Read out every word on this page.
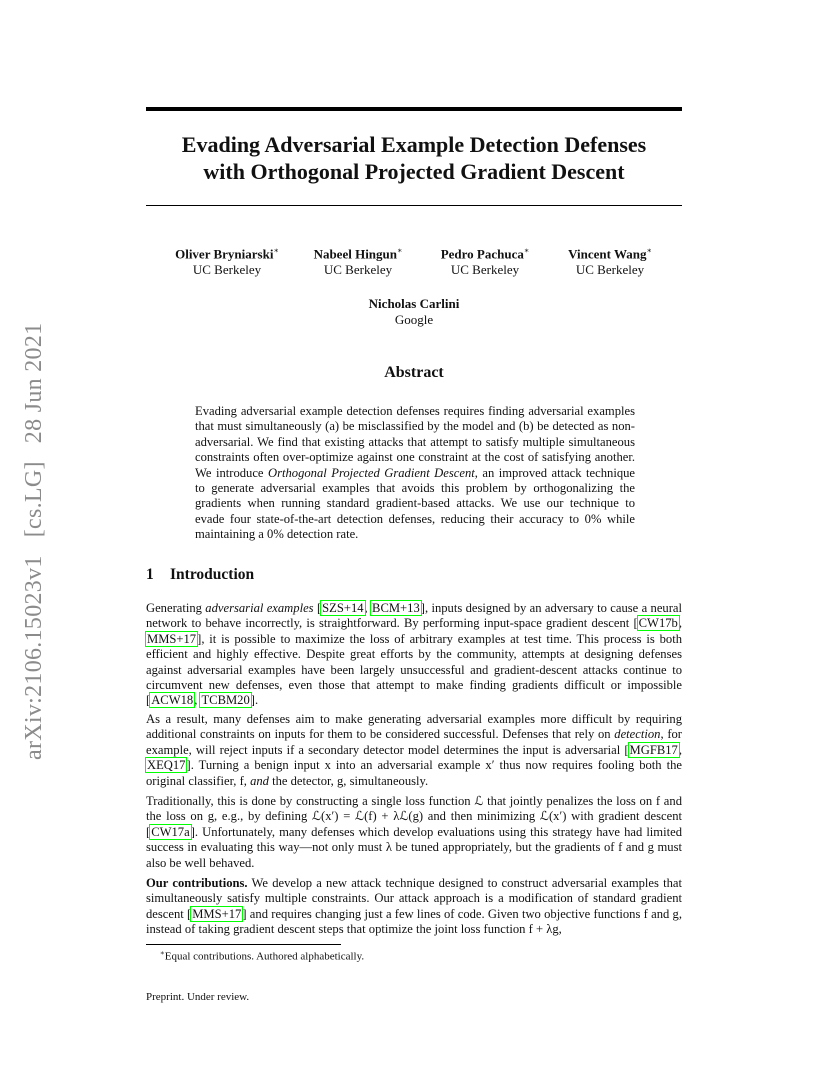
arXiv:2106.15023v1[cs.LG]28 Jun 2021
Evading Adversarial Example Detection Defenses
with Orthogonal Projected Gradient Descent
Oliver Bryniarski∗
UC Berkeley
Nabeel Hingun∗
UC Berkeley
Pedro Pachuca∗
UC Berkeley
Vincent Wang∗
UC Berkeley
Nicholas Carlini
Google
Abstract
Evading adversarial example detection defenses requires finding adversarial examples that must simultaneously (a) be misclassified by the model and (b) be detected as non-adversarial. We find that existing attacks that attempt to satisfy multiple simultaneous constraints often over-optimize against one constraint at the cost of satisfying another. We introduce Orthogonal Projected Gradient Descent, an improved attack technique to generate adversarial examples that avoids this problem by orthogonalizing the gradients when running standard gradient-based attacks. We use our technique to evade four state-of-the-art detection defenses, reducing their accuracy to 0% while maintaining a 0% detection rate.
1 Introduction
Generating adversarial examples [SZS+14, BCM+13], inputs designed by an adversary to cause a neural network to behave incorrectly, is straightforward. By performing input-space gradient descent [CW17b, MMS+17], it is possible to maximize the loss of arbitrary examples at test time. This process is both efficient and highly effective. Despite great efforts by the community, attempts at designing defenses against adversarial examples have been largely unsuccessful and gradient-descent attacks continue to circumvent new defenses, even those that attempt to make finding gradients difficult or impossible [ACW18, TCBM20].
As a result, many defenses aim to make generating adversarial examples more difficult by requiring additional constraints on inputs for them to be considered successful. Defenses that rely on detection, for example, will reject inputs if a secondary detector model determines the input is adversarial [MGFB17, XEQ17]. Turning a benign input x into an adversarial example x′ thus now requires fooling both the original classifier, f, and the detector, g, simultaneously.
Traditionally, this is done by constructing a single loss function ℒ that jointly penalizes the loss on f and the loss on g, e.g., by defining ℒ(x′) = ℒ(f) + λℒ(g) and then minimizing ℒ(x′) with gradient descent [CW17a]. Unfortunately, many defenses which develop evaluations using this strategy have had limited success in evaluating this way—not only must λ be tuned appropriately, but the gradients of f and g must also be well behaved.
Our contributions. We develop a new attack technique designed to construct adversarial examples that simultaneously satisfy multiple constraints. Our attack approach is a modification of standard gradient descent [MMS+17] and requires changing just a few lines of code. Given two objective functions f and g, instead of taking gradient descent steps that optimize the joint loss function f + λg,
∗Equal contributions. Authored alphabetically.
Preprint. Under review.
